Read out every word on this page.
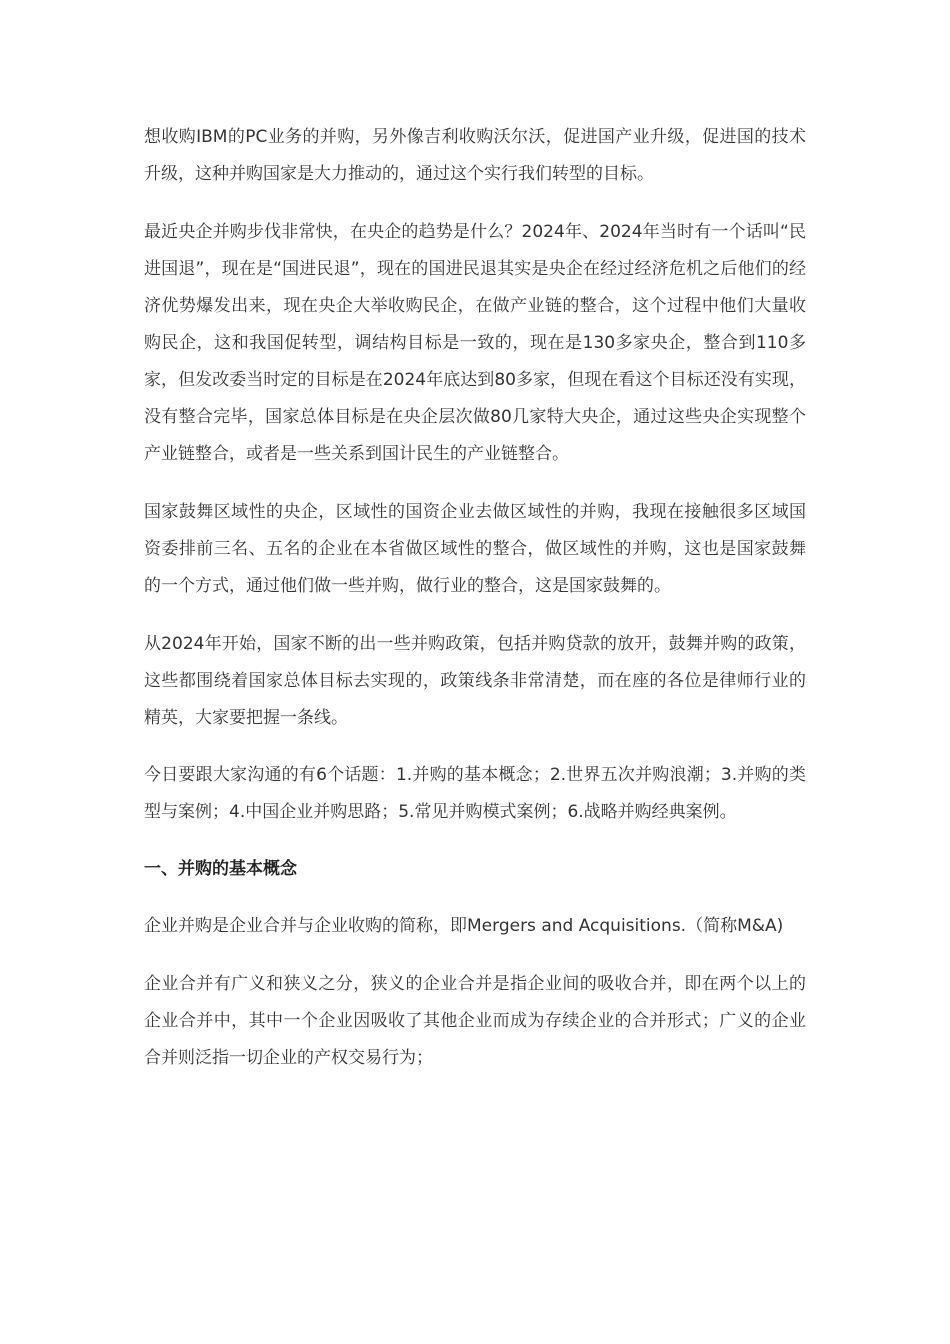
想收购IBM的PC业务的并购，另外像吉利收购沃尔沃，促进国产业升级，促进国的技术升级，这种并购国家是大力推动的，通过这个实行我们转型的目标。

最近央企并购步伐非常快，在央企的趋势是什么？2024年、2024年当时有一个话叫“民进国退”，现在是“国进民退”，现在的国进民退其实是央企在经过经济危机之后他们的经济优势爆发出来，现在央企大举收购民企，在做产业链的整合，这个过程中他们大量收购民企，这和我国促转型，调结构目标是一致的，现在是130多家央企，整合到110多家，但发改委当时定的目标是在2024年底达到80多家，但现在看这个目标还没有实现，没有整合完毕，国家总体目标是在央企层次做80几家特大央企，通过这些央企实现整个产业链整合，或者是一些关系到国计民生的产业链整合。

国家鼓舞区域性的央企，区域性的国资企业去做区域性的并购，我现在接触很多区域国资委排前三名、五名的企业在本省做区域性的整合，做区域性的并购，这也是国家鼓舞的一个方式，通过他们做一些并购，做行业的整合，这是国家鼓舞的。

从2024年开始，国家不断的出一些并购政策，包括并购贷款的放开，鼓舞并购的政策，这些都围绕着国家总体目标去实现的，政策线条非常清楚，而在座的各位是律师行业的精英，大家要把握一条线。

今日要跟大家沟通的有6个话题：1.并购的基本概念；2.世界五次并购浪潮；3.并购的类型与案例；4.中国企业并购思路；5.常见并购模式案例；6.战略并购经典案例。

一、并购的基本概念

企业并购是企业合并与企业收购的简称，即Mergers and Acquisitions.（简称M&A)

企业合并有广义和狭义之分，狭义的企业合并是指企业间的吸收合并，即在两个以上的企业合并中，其中一个企业因吸收了其他企业而成为存续企业的合并形式；广义的企业合并则泛指一切企业的产权交易行为；
